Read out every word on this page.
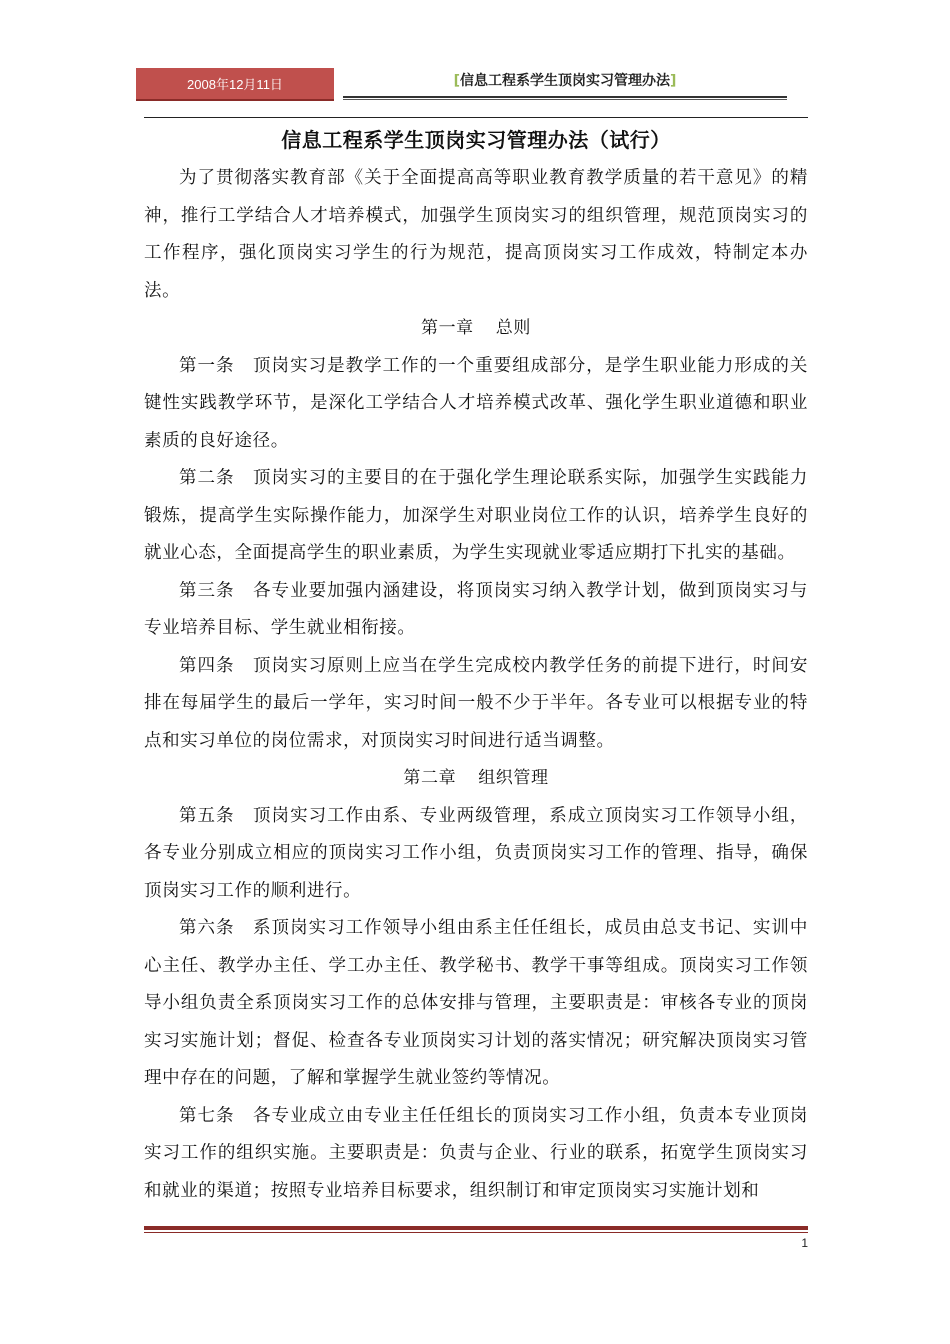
2008年12月11日	[信息工程系学生顶岗实习管理办法]
信息工程系学生顶岗实习管理办法（试行）

为了贯彻落实教育部《关于全面提高高等职业教育教学质量的若干意见》的精神，推行工学结合人才培养模式，加强学生顶岗实习的组织管理，规范顶岗实习的工作程序，强化顶岗实习学生的行为规范，提高顶岗实习工作成效，特制定本办法。

第一章 总则

第一条　顶岗实习是教学工作的一个重要组成部分，是学生职业能力形成的关键性实践教学环节，是深化工学结合人才培养模式改革、强化学生职业道德和职业素质的良好途径。

第二条　顶岗实习的主要目的在于强化学生理论联系实际，加强学生实践能力锻炼，提高学生实际操作能力，加深学生对职业岗位工作的认识，培养学生良好的就业心态，全面提高学生的职业素质，为学生实现就业零适应期打下扎实的基础。

第三条　各专业要加强内涵建设，将顶岗实习纳入教学计划，做到顶岗实习与专业培养目标、学生就业相衔接。

第四条　顶岗实习原则上应当在学生完成校内教学任务的前提下进行，时间安排在每届学生的最后一学年，实习时间一般不少于半年。各专业可以根据专业的特点和实习单位的岗位需求，对顶岗实习时间进行适当调整。

第二章 组织管理

第五条　顶岗实习工作由系、专业两级管理，系成立顶岗实习工作领导小组，各专业分别成立相应的顶岗实习工作小组，负责顶岗实习工作的管理、指导，确保顶岗实习工作的顺利进行。

第六条　系顶岗实习工作领导小组由系主任任组长，成员由总支书记、实训中心主任、教学办主任、学工办主任、教学秘书、教学干事等组成。顶岗实习工作领导小组负责全系顶岗实习工作的总体安排与管理，主要职责是：审核各专业的顶岗实习实施计划；督促、检查各专业顶岗实习计划的落实情况；研究解决顶岗实习管理中存在的问题，了解和掌握学生就业签约等情况。

第七条　各专业成立由专业主任任组长的顶岗实习工作小组，负责本专业顶岗实习工作的组织实施。主要职责是：负责与企业、行业的联系，拓宽学生顶岗实习和就业的渠道；按照专业培养目标要求，组织制订和审定顶岗实习实施计划和

1
